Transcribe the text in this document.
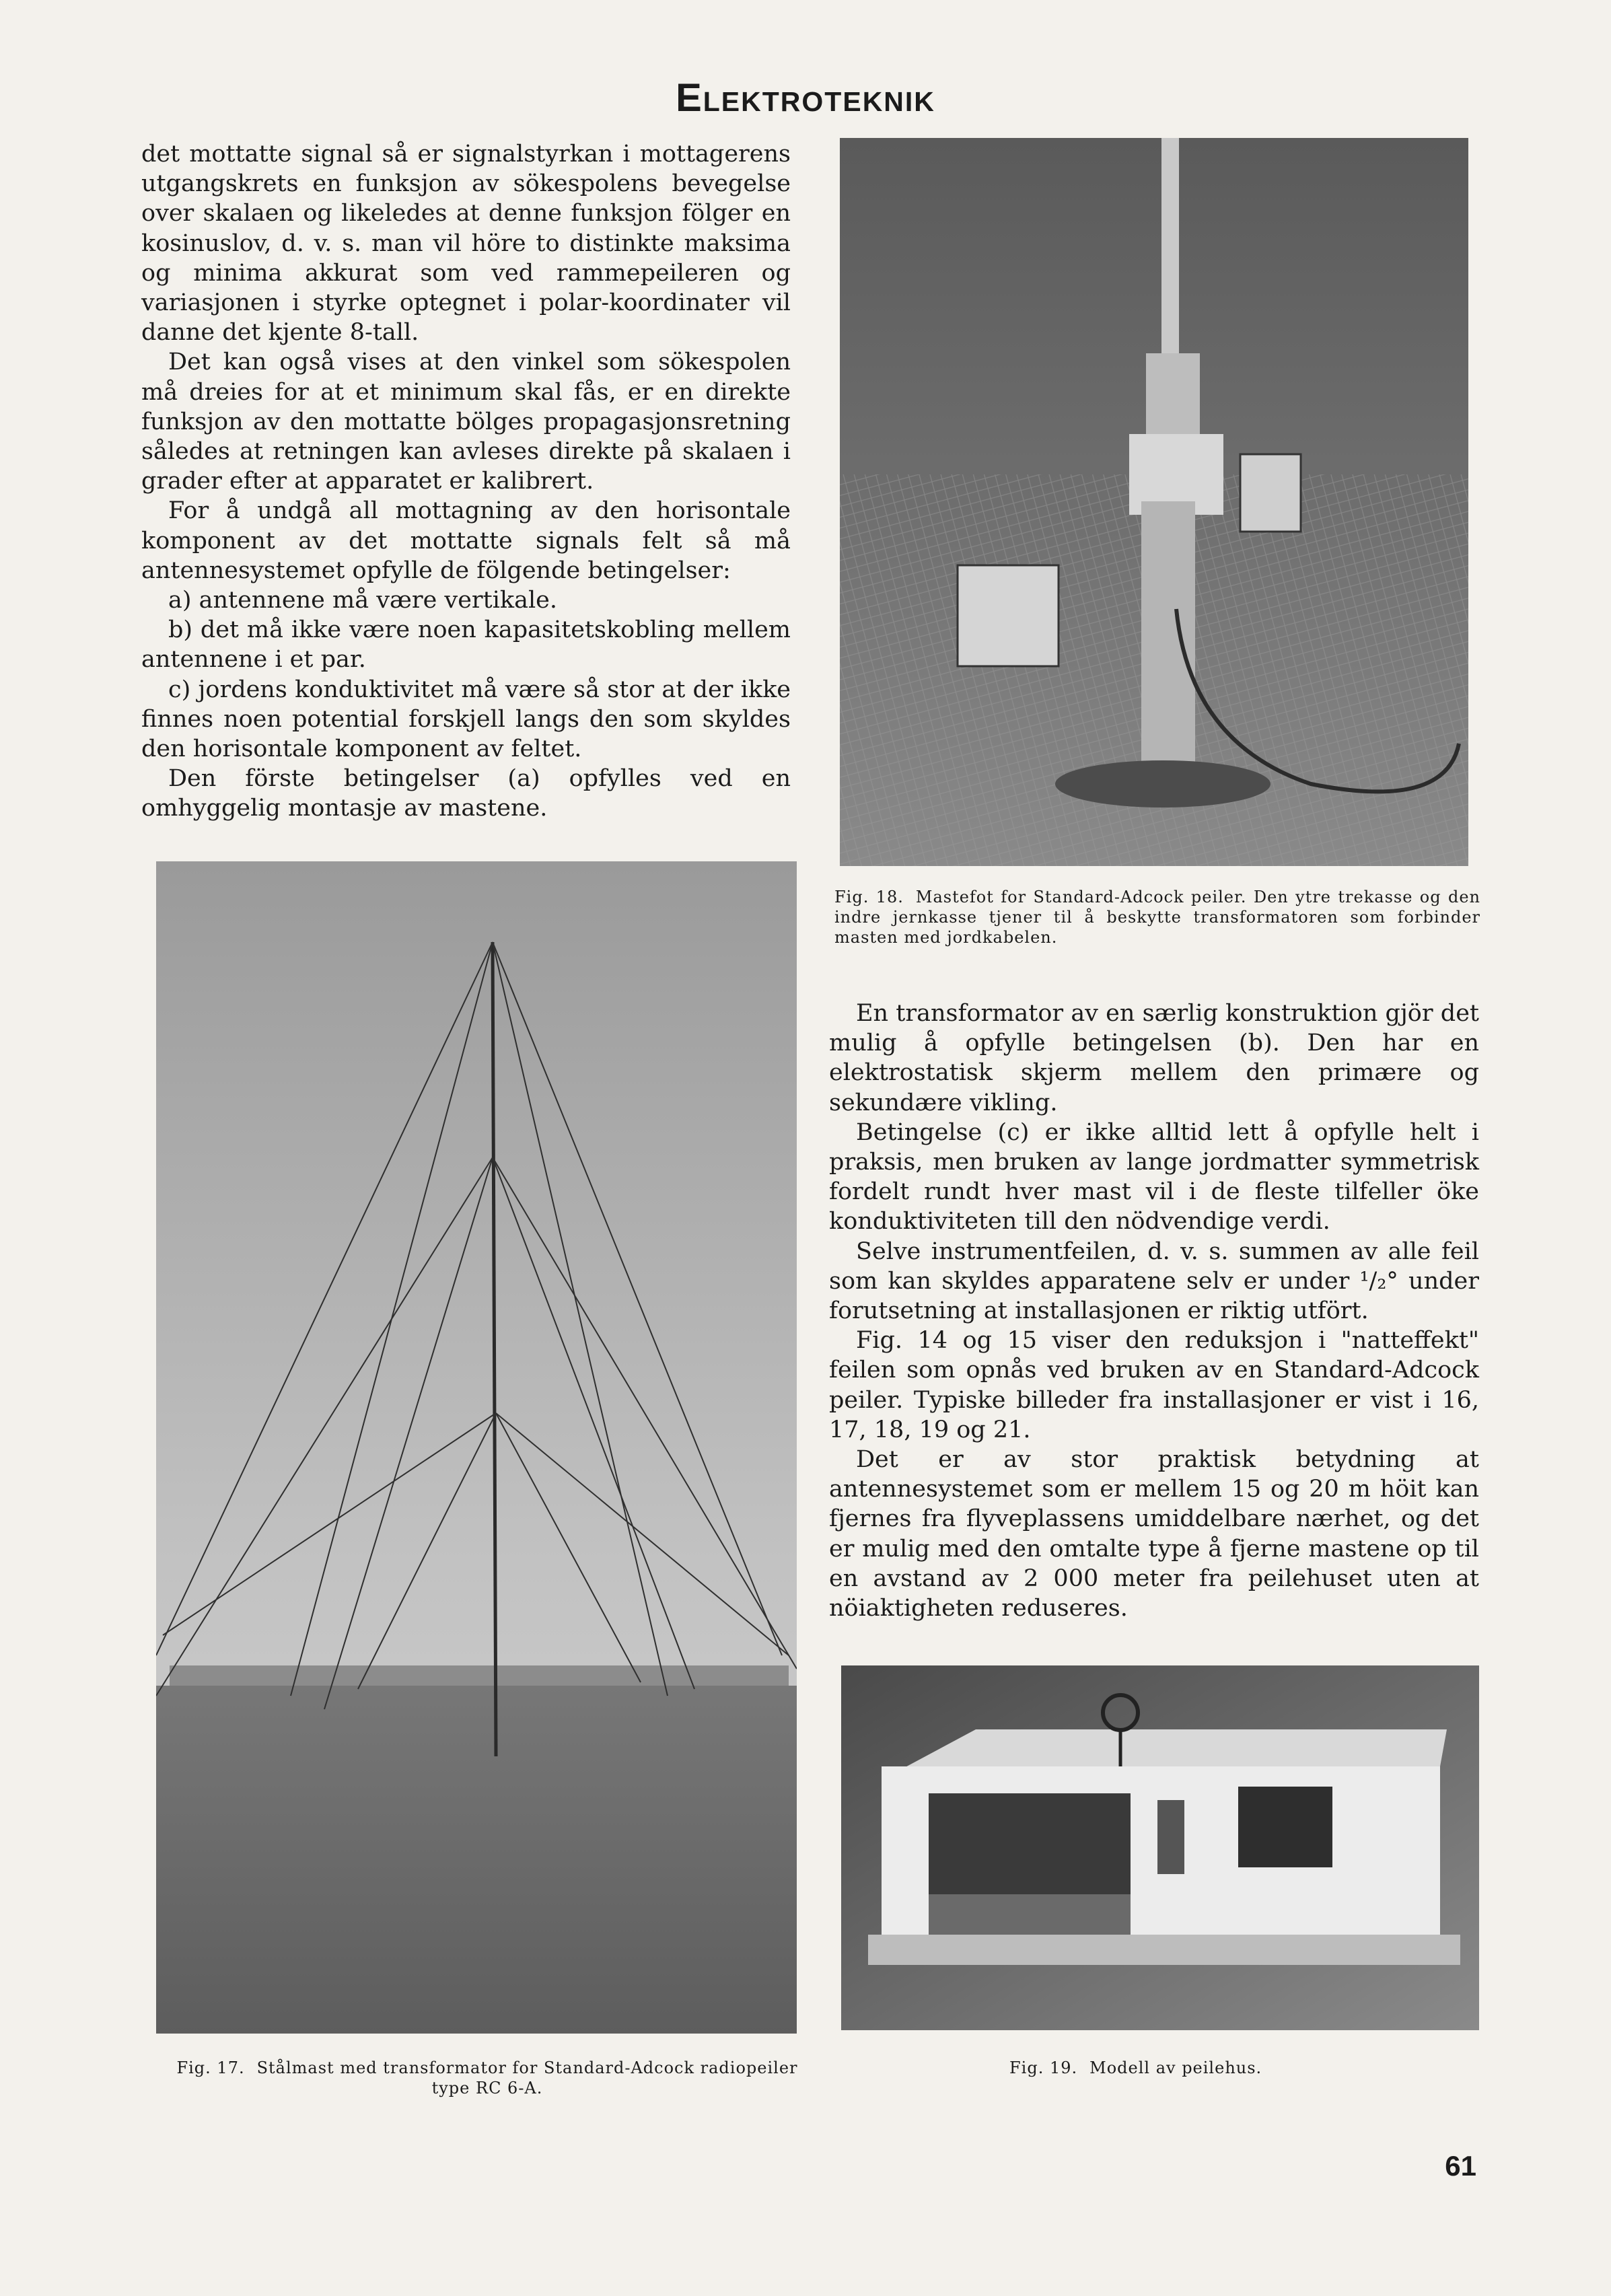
Elektroteknik

det mottatte signal så er signalstyrkan i mottagerens utgangskrets en funksjon av sökespolens bevegelse over skalaen og likeledes at denne funksjon fölger en kosinuslov, d. v. s. man vil höre to distinkte maksima og minima akkurat som ved rammepeileren og variasjonen i styrke optegnet i polar-koordinater vil danne det kjente 8-tall.

Det kan også vises at den vinkel som sökespolen må dreies for at et minimum skal fås, er en direkte funksjon av den mottatte bölges propagasjonsretning således at retningen kan avleses direkte på skalaen i grader efter at apparatet er kalibrert.

For å undgå all mottagning av den horisontale komponent av det mottatte signals felt så må antennesystemet opfylle de fölgende betingelser:

a) antennene må være vertikale.

b) det må ikke være noen kapasitetskobling mellem antennene i et par.

c) jordens konduktivitet må være så stor at der ikke finnes noen potential forskjell langs den som skyldes den horisontale komponent av feltet.

Den förste betingelser (a) opfylles ved en omhyggelig montasje av mastene.

Fig. 18. Mastefot for Standard-Adcock peiler. Den ytre trekasse og den indre jernkasse tjener til å beskytte transformatoren som forbinder masten med jordkabelen.
Fig. 17. Stålmast med transformator for Standard-Adcock radiopeiler type RC 6-A.

En transformator av en særlig konstruktion gjör det mulig å opfylle betingelsen (b). Den har en elektrostatisk skjerm mellem den primære og sekundære vikling.

Betingelse (c) er ikke alltid lett å opfylle helt i praksis, men bruken av lange jordmatter symmetrisk fordelt rundt hver mast vil i de fleste tilfeller öke konduktiviteten till den nödvendige verdi.

Selve instrumentfeilen, d. v. s. summen av alle feil som kan skyldes apparatene selv er under ¹/₂° under forutsetning at installasjonen er riktig utfört.

Fig. 14 og 15 viser den reduksjon i "natteffekt" feilen som opnås ved bruken av en Standard-Adcock peiler. Typiske billeder fra installasjoner er vist i 16, 17, 18, 19 og 21.

Det er av stor praktisk betydning at antennesystemet som er mellem 15 og 20 m höit kan fjernes fra flyveplassens umiddelbare nærhet, og det er mulig med den omtalte type å fjerne mastene op til en avstand av 2 000 meter fra peilehuset uten at nöiaktigheten reduseres.

Fig. 19. Modell av peilehus.
61
